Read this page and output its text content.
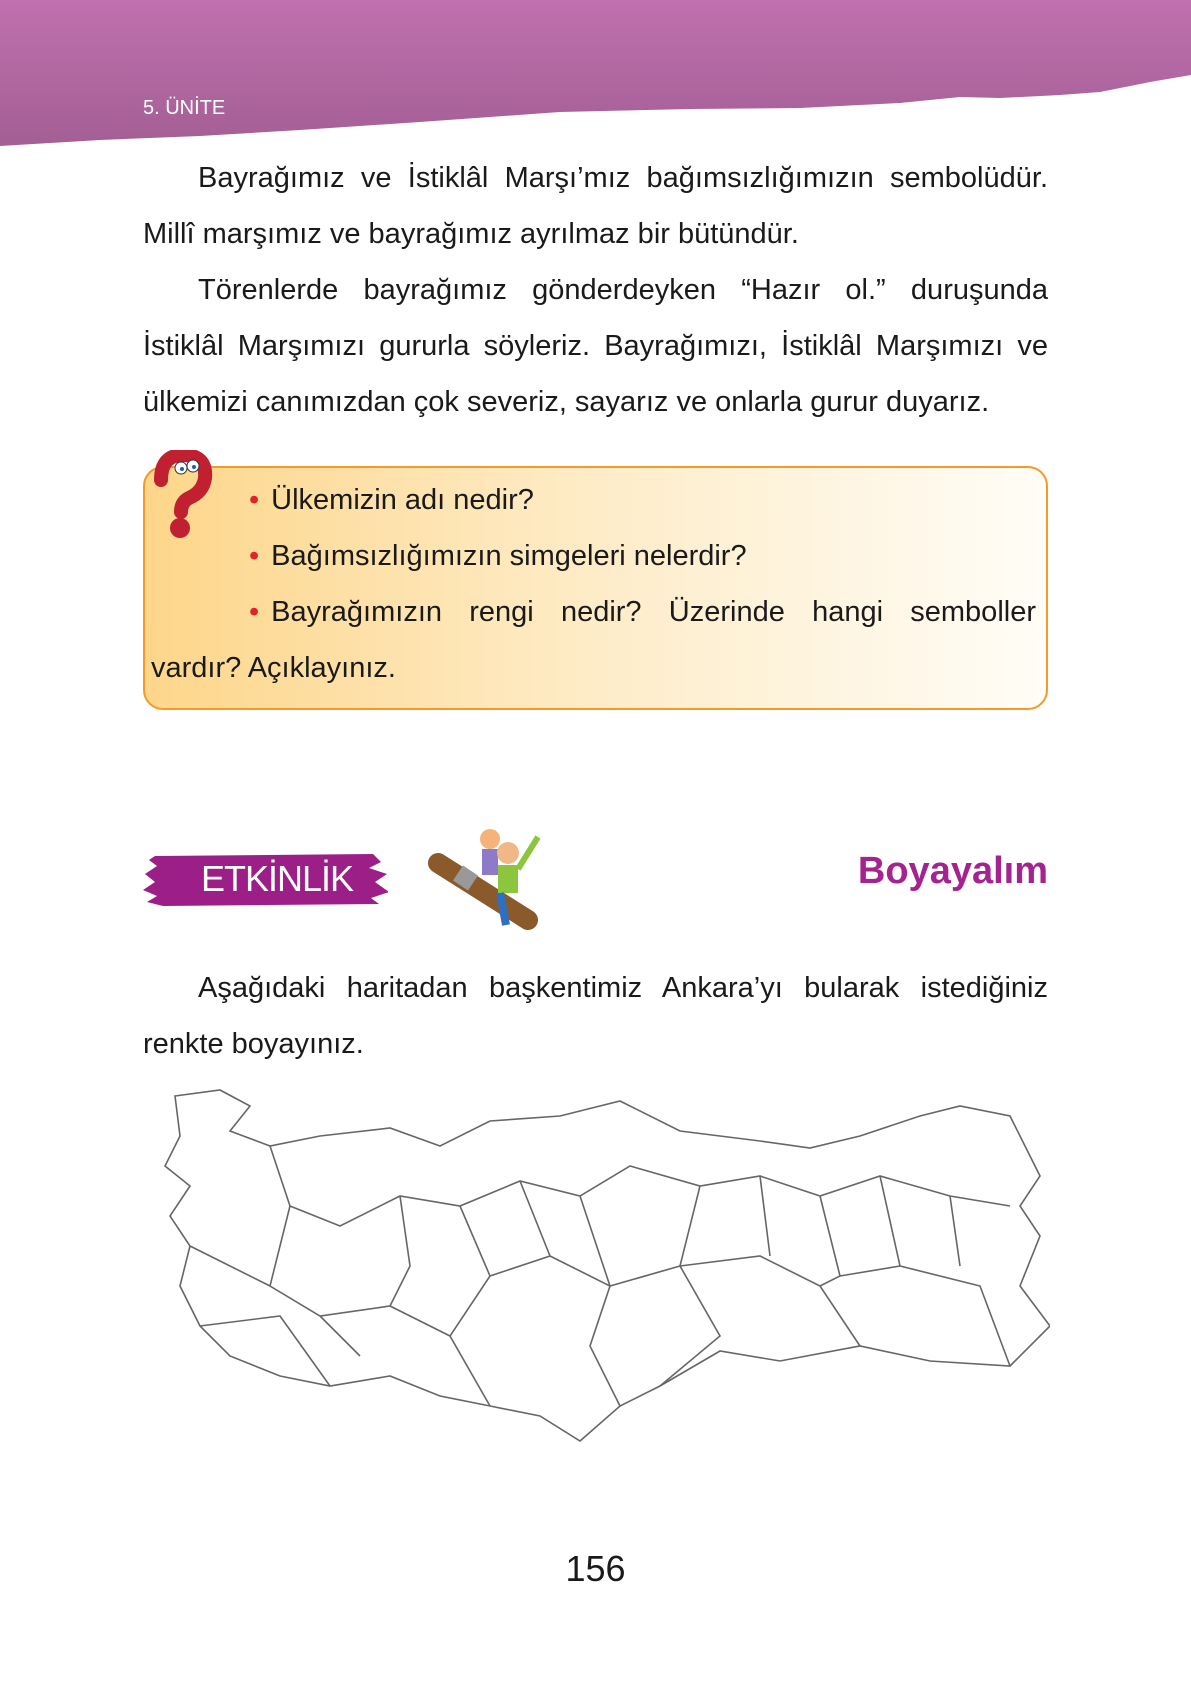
5. ÜNİTE

Bayrağımız ve İstiklâl Marşı’mız bağımsızlığımızın sembolüdür. Millî marşımız ve bayrağımız ayrılmaz bir bütündür.

Törenlerde bayrağımız gönderdeyken “Hazır ol.” duruşunda İstiklâl Marşımızı gururla söyleriz. Bayrağımızı, İstiklâl Marşımızı ve ülkemizi canımızdan çok severiz, sayarız ve onlarla gurur duyarız.

• Ülkemizin adı nedir?
• Bağımsızlığımızın simgeleri nelerdir?

• Bayrağımızın rengi nedir? Üzerinde hangi semboller vardır? Açıklayınız.

ETKİNLİK	Boyayalım

Aşağıdaki haritadan başkentimiz Ankara’yı bularak istediğiniz renkte boyayınız.

156
